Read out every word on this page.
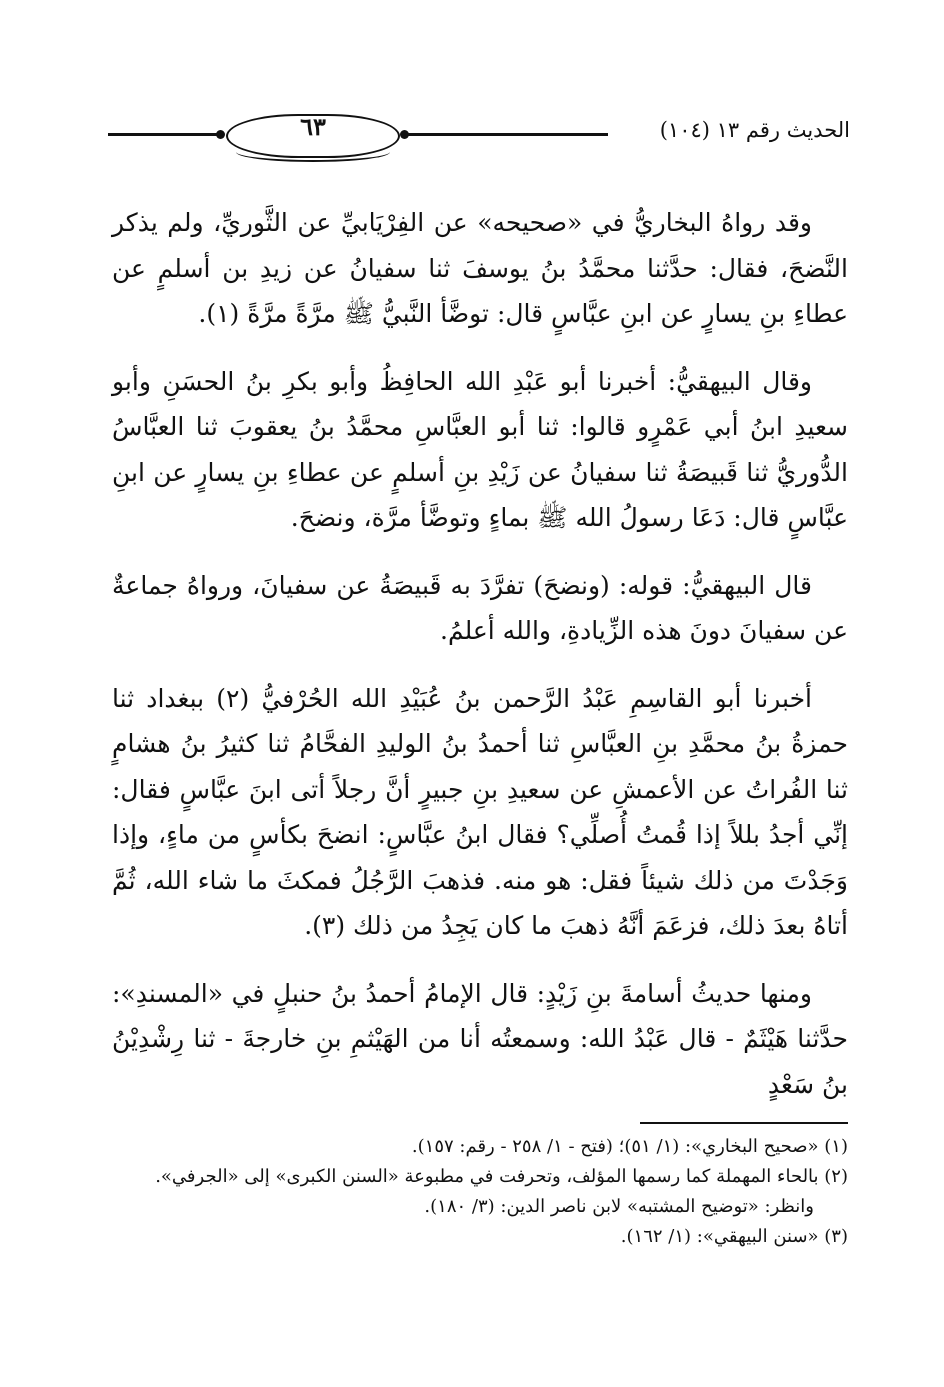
٦٣	الحديث رقم ١٣ (١٠٤)

وقد رواهُ البخاريُّ في «صحيحه» عن الفِرْيَابيِّ عن الثَّوريِّ، ولم يذكر النَّضحَ، فقال: حدَّثنا محمَّدُ بنُ يوسفَ ثنا سفيانُ عن زيدِ بن أسلمٍ عن عطاءِ بنِ يسارٍ عن ابنِ عبَّاسٍ قال: توضَّأ النَّبيُّ ﷺ مرَّةً مرَّةً (١).

وقال البيهقيُّ: أخبرنا أبو عَبْدِ الله الحافِظُ وأبو بكرِ بنُ الحسَنِ وأبو سعيدِ ابنُ أبي عَمْرٍو قالوا: ثنا أبو العبَّاسِ محمَّدُ بنُ يعقوبَ ثنا العبَّاسُ الدُّوريُّ ثنا قَبيصَةُ ثنا سفيانُ عن زَيْدِ بنِ أسلمٍ عن عطاءِ بنِ يسارٍ عن ابنِ عبَّاسٍ قال: دَعَا رسولُ الله ﷺ بماءٍ وتوضَّأ مرَّة، ونضحَ.

قال البيهقيُّ: قوله: (ونضحَ) تفرَّدَ به قَبيصَةُ عن سفيانَ، ورواهُ جماعةٌ عن سفيانَ دونَ هذه الزِّيادةِ، والله أعلمُ.

أخبرنا أبو القاسِمِ عَبْدُ الرَّحمن بنُ عُبَيْدِ الله الحُرْفيُّ (٢) ببغداد ثنا حمزةُ بنُ محمَّدِ بنِ العبَّاسِ ثنا أحمدُ بنُ الوليدِ الفحَّامُ ثنا كثيرُ بنُ هشامٍ ثنا الفُراتُ عن الأعمشِ عن سعيدِ بنِ جبيرٍ أنَّ رجلاً أتى ابنَ عبَّاسٍ فقال: إنِّي أجدُ بللاً إذا قُمتُ أُصلِّي؟ فقال ابنُ عبَّاسٍ: انضحَ بكأسٍ من ماءٍ، وإذا وَجَدْتَ من ذلك شيئاً فقل: هو منه. فذهبَ الرَّجُلُ فمكثَ ما شاء الله، ثُمَّ أتاهُ بعدَ ذلك، فزعَمَ أنَّهُ ذهبَ ما كان يَجِدُ من ذلك (٣).

ومنها حديثُ أسامةَ بنِ زَيْدٍ: قال الإمامُ أحمدُ بنُ حنبلٍ في «المسندِ»: حدَّثنا هَيْثَمٌ - قال عَبْدُ الله: وسمعتُه أنا من الهَيْثمِ بنِ خارجةَ - ثنا رِشْدِيْنُ بنُ سَعْدٍ

(١) «صحيح البخاري»: (١/ ٥١)؛ (فتح - ١/ ٢٥٨ - رقم: ١٥٧).

(٢) بالحاء المهملة كما رسمها المؤلف، وتحرفت في مطبوعة «السنن الكبرى» إلى «الجرفي».

وانظر: «توضيح المشتبه» لابن ناصر الدين: (٣/ ١٨٠).

(٣) «سنن البيهقي»: (١/ ١٦٢).
